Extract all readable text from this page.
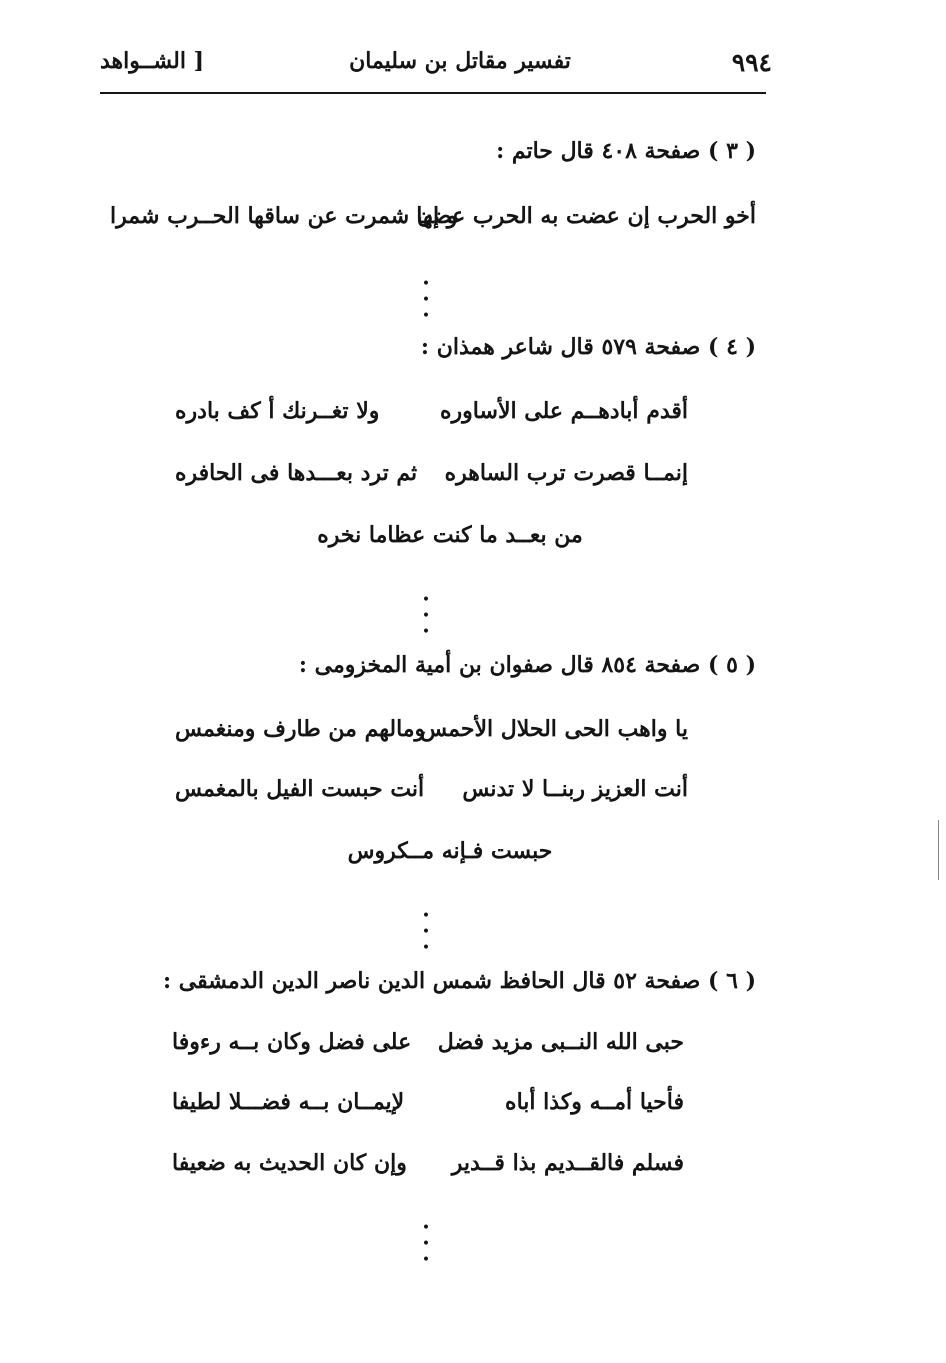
٩٩٤
تفسير مقاتل بن سليمان
[ الشــواهد
( ٣ ) صفحة ٤٠٨ قال حاتم :
أخو الحرب إن عضت به الحرب عضها
و إن شمرت عن ساقها الحــرب شمرا
• • •
( ٤ ) صفحة ٥٧٩ قال شاعر همذان :
أقدم أبادهــم على الأساوره
ولا تغــرنك أ كف بادره
إنمــا قصرت ترب الساهره
ثم ترد بعـــدها فى الحافره
من بعــد ما كنت عظاما نخره
• • •
( ٥ ) صفحة ٨٥٤ قال صفوان بن أمية المخزومى :
يا واهب الحى الحلال الأحمس
ومالهم من طارف ومنغمس
أنت العزيز ربنــا لا تدنس
أنت حبست الفيل بالمغمس
حبست فـإنه مــكروس
• • •
( ٦ ) صفحة ٥٢ قال الحافظ شمس الدين ناصر الدين الدمشقى :
حبى الله النــبى مزيد فضل
على فضل وكان بــه رءوفا
فأحيا أمــه وكذا أباه
لإيمــان بــه فضـــلا لطيفا
فسلم فالقــديم بذا قــدير
وإن كان الحديث به ضعيفا
• • •
